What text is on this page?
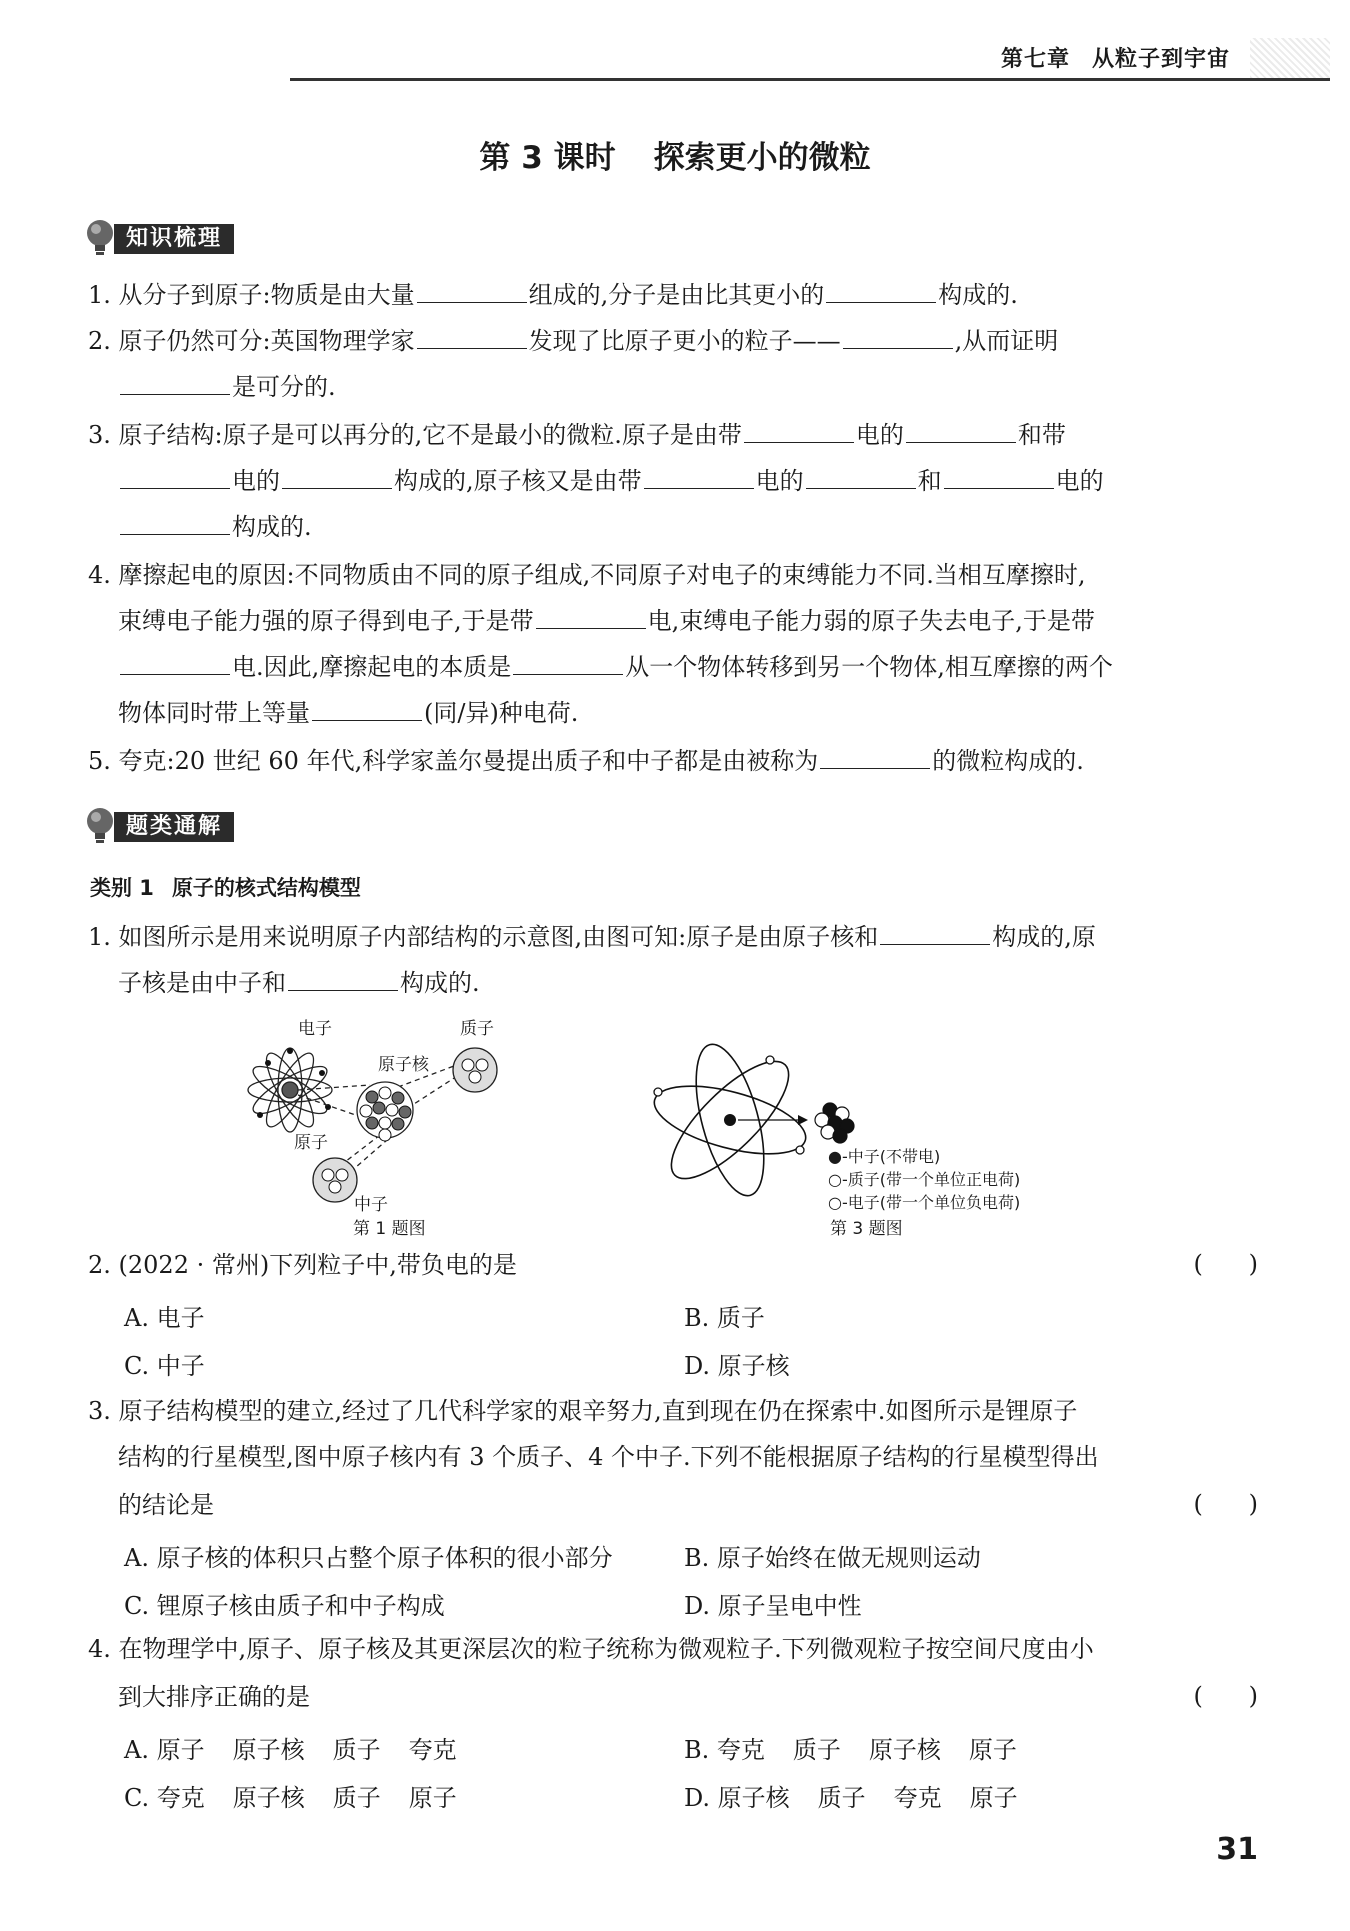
第七章 从粒子到宇宙
第 3 课时 探索更小的微粒
知识梳理
1. 从分子到原子:物质是由大量	组成的,分子是由比其更小的	构成的.
2. 原子仍然可分:英国物理学家	发现了比原子更小的粒子——	,从而证明
是可分的.
3. 原子结构:原子是可以再分的,它不是最小的微粒.原子是由带	电的	和带
电的	构成的,原子核又是由带	电的	和	电的
构成的.
4. 摩擦起电的原因:不同物质由不同的原子组成,不同原子对电子的束缚能力不同.当相互摩擦时,
束缚电子能力强的原子得到电子,于是带	电,束缚电子能力弱的原子失去电子,于是带
电.因此,摩擦起电的本质是	从一个物体转移到另一个物体,相互摩擦的两个
物体同时带上等量	(同/异)种电荷.
5. 夸克:20 世纪 60 年代,科学家盖尔曼提出质子和中子都是由被称为	的微粒构成的.
题类通解
类别 1 原子的核式结构模型
1. 如图所示是用来说明原子内部结构的示意图,由图可知:原子是由原子核和	构成的,原
子核是由中子和	构成的.
电子	质子
原子核
原子
中子
第 1 题图
●-中子(不带电)
○-质子(带一个单位正电荷)
○-电子(带一个单位负电荷)
第 3 题图
2. (2022 · 常州)下列粒子中,带负电的是	(      )
A. 电子	B. 质子
C. 中子	D. 原子核
3. 原子结构模型的建立,经过了几代科学家的艰辛努力,直到现在仍在探索中.如图所示是锂原子
结构的行星模型,图中原子核内有 3 个质子、4 个中子.下列不能根据原子结构的行星模型得出
的结论是	(      )
A. 原子核的体积只占整个原子体积的很小部分	B. 原子始终在做无规则运动
C. 锂原子核由质子和中子构成	D. 原子呈电中性
4. 在物理学中,原子、原子核及其更深层次的粒子统称为微观粒子.下列微观粒子按空间尺度由小
到大排序正确的是	(      )
A. 原子 原子核 质子 夸克	B. 夸克 质子 原子核 原子
C. 夸克 原子核 质子 原子	D. 原子核 质子 夸克 原子
31
